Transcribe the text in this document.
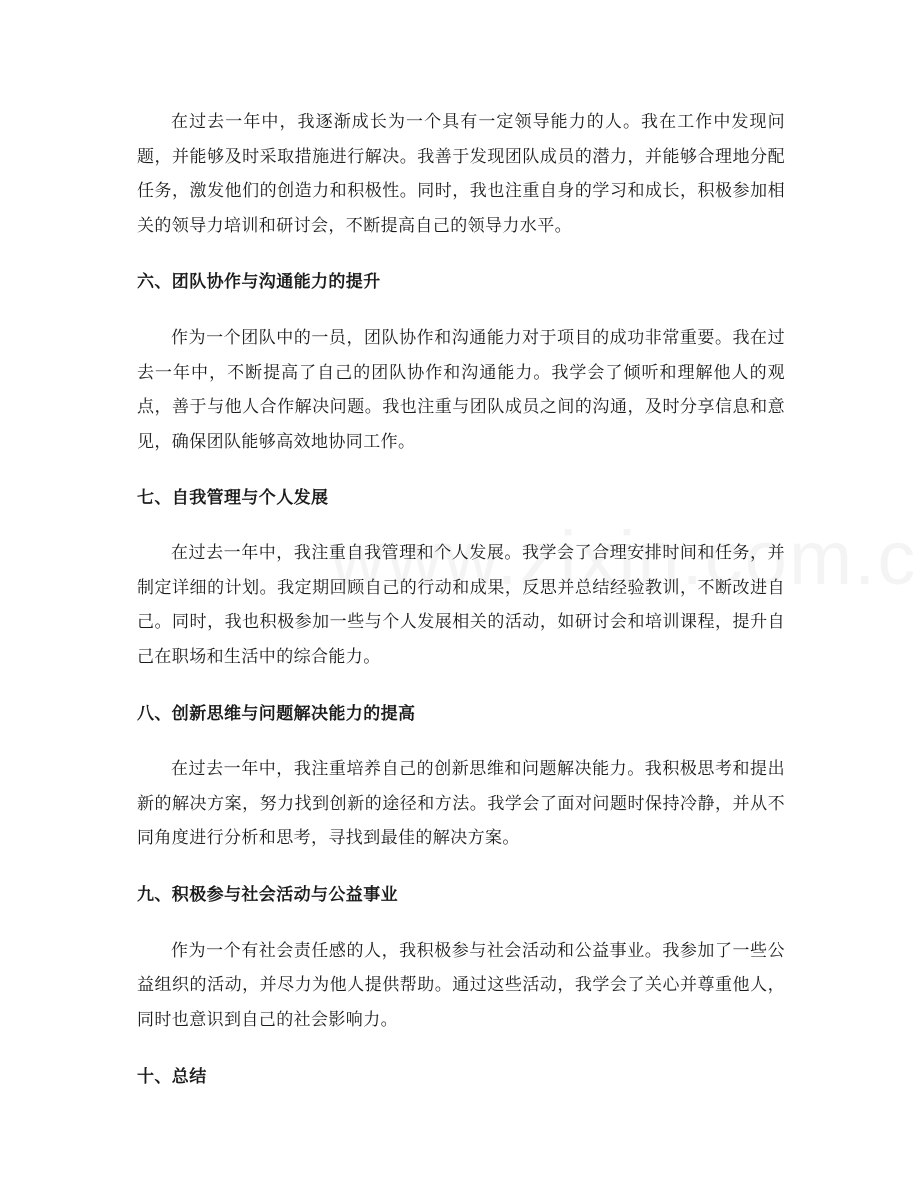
在过去一年中，我逐渐成长为一个具有一定领导能力的人。我在工作中发现问题，并能够及时采取措施进行解决。我善于发现团队成员的潜力，并能够合理地分配任务，激发他们的创造力和积极性。同时，我也注重自身的学习和成长，积极参加相关的领导力培训和研讨会，不断提高自己的领导力水平。

六、团队协作与沟通能力的提升

作为一个团队中的一员，团队协作和沟通能力对于项目的成功非常重要。我在过去一年中，不断提高了自己的团队协作和沟通能力。我学会了倾听和理解他人的观点，善于与他人合作解决问题。我也注重与团队成员之间的沟通，及时分享信息和意见，确保团队能够高效地协同工作。

七、自我管理与个人发展

在过去一年中，我注重自我管理和个人发展。我学会了合理安排时间和任务，并制定详细的计划。我定期回顾自己的行动和成果，反思并总结经验教训，不断改进自己。同时，我也积极参加一些与个人发展相关的活动，如研讨会和培训课程，提升自己在职场和生活中的综合能力。

八、创新思维与问题解决能力的提高

在过去一年中，我注重培养自己的创新思维和问题解决能力。我积极思考和提出新的解决方案，努力找到创新的途径和方法。我学会了面对问题时保持冷静，并从不同角度进行分析和思考，寻找到最佳的解决方案。

九、积极参与社会活动与公益事业

作为一个有社会责任感的人，我积极参与社会活动和公益事业。我参加了一些公益组织的活动，并尽力为他人提供帮助。通过这些活动，我学会了关心并尊重他人，同时也意识到自己的社会影响力。

十、总结
